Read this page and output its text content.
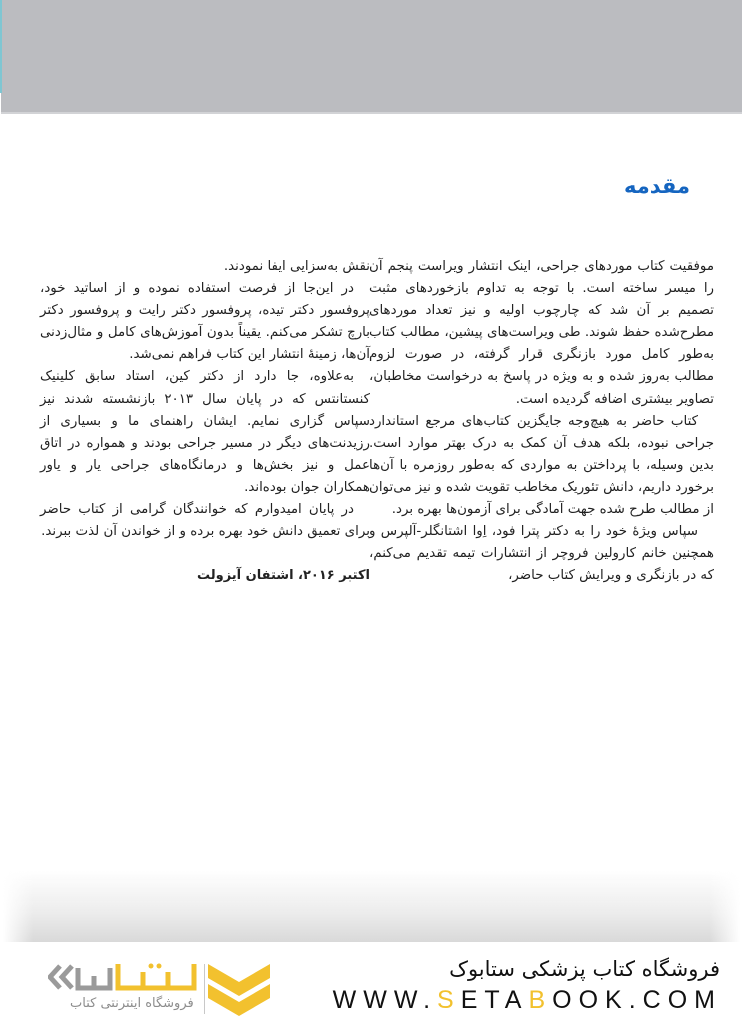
مقدمه

موفقیت کتاب موردهای جراحی، اینک انتشار ویراست پنجم آن را میسر ساخته است. با توجه به تداوم بازخوردهای مثبت تصمیم بر آن شد که چارچوب اولیه و نیز تعداد موردهای مطرح‌شده حفظ شوند. طی ویراست‌های پیشین، مطالب کتاب به‌طور کامل مورد بازنگری قرار گرفته، در صورت لزوم مطالب به‌روز شده و به ویژه در پاسخ به درخواست مخاطبان، تصاویر بیشتری اضافه گردیده است.

کتاب حاضر به هیچ‌وجه جایگزین کتاب‌های مرجع استاندارد جراحی نبوده، بلکه هدف آن کمک به درک بهتر موارد است. بدین وسیله، با پرداختن به مواردی که به‌طور روزمره با آن‌ها برخورد داریم، دانش تئوریک مخاطب تقویت شده و نیز می‌توان از مطالب طرح شده جهت آمادگی برای آزمون‌ها بهره برد.

سپاس ویژهٔ خود را به دکتر پترا فود، اِوا اشتانگلر-آلپرس و همچنین خانم کارولین فروچر از انتشارات تیمه تقدیم می‌کنم، که در بازنگری و ویرایش کتاب حاضر،

نقش به‌سزایی ایفا نمودند.

در این‌جا از فرصت استفاده نموده و از اساتید خود، پروفسور دکتر تیده، پروفسور دکتر رایت و پروفسور دکتر بارچ تشکر می‌کنم. یقیناً بدون آموزش‌های کامل و مثال‌زدنی آن‌ها، زمینهٔ انتشار این کتاب فراهم نمی‌شد.

به‌علاوه، جا دارد از دکتر کین، استاد سابق کلینیک کنستانتس که در پایان سال ۲۰۱۳ بازنشسته شدند نیز سپاس گزاری نمایم. ایشان راهنمای ما و بسیاری از رزیدنت‌های دیگر در مسیر جراحی بودند و همواره در اتاق عمل و نیز بخش‌ها و درمانگاه‌های جراحی یار و یاور همکاران جوان بوده‌اند.

در پایان امیدوارم که خوانندگان گرامی از کتاب حاضر برای تعمیق دانش خود بهره برده و از خواندن آن لذت ببرند.

اکتبر ۲۰۱۶، اشتفان آیزولت

فروشگاه کتاب پزشکی ستابوک
WWW.SETABOOK.COM
فروشگاه اینترنتی کتاب
